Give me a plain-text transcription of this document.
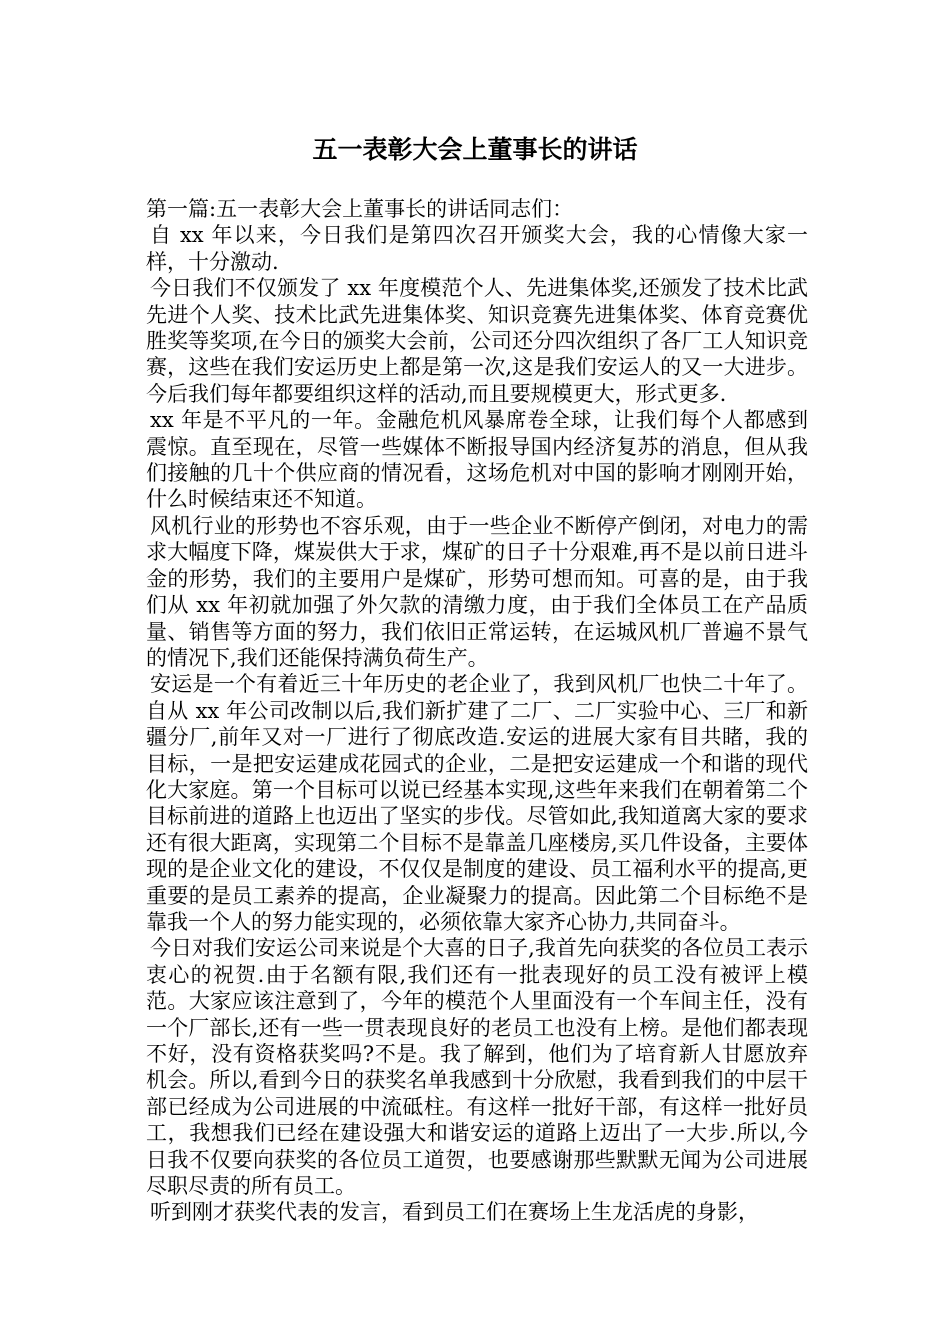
五一表彰大会上董事长的讲话

第一篇:五一表彰大会上董事长的讲话同志们：

自 xx 年以来，今日我们是第四次召开颁奖大会，我的心情像大家一样，十分激动.

今日我们不仅颁发了 xx 年度模范个人、先进集体奖,还颁发了技术比武先进个人奖、技术比武先进集体奖、知识竞赛先进集体奖、体育竞赛优胜奖等奖项,在今日的颁奖大会前，公司还分四次组织了各厂工人知识竞赛，这些在我们安运历史上都是第一次,这是我们安运人的又一大进步。今后我们每年都要组织这样的活动,而且要规模更大，形式更多.

xx 年是不平凡的一年。金融危机风暴席卷全球，让我们每个人都感到震惊。直至现在，尽管一些媒体不断报导国内经济复苏的消息，但从我们接触的几十个供应商的情况看，这场危机对中国的影响才刚刚开始，什么时候结束还不知道。

风机行业的形势也不容乐观，由于一些企业不断停产倒闭，对电力的需求大幅度下降，煤炭供大于求，煤矿的日子十分艰难,再不是以前日进斗金的形势，我们的主要用户是煤矿，形势可想而知。可喜的是，由于我们从 xx 年初就加强了外欠款的清缴力度，由于我们全体员工在产品质量、销售等方面的努力，我们依旧正常运转，在运城风机厂普遍不景气的情况下,我们还能保持满负荷生产。

安运是一个有着近三十年历史的老企业了，我到风机厂也快二十年了。自从 xx 年公司改制以后,我们新扩建了二厂、二厂实验中心、三厂和新疆分厂,前年又对一厂进行了彻底改造.安运的进展大家有目共睹，我的目标，一是把安运建成花园式的企业，二是把安运建成一个和谐的现代化大家庭。第一个目标可以说已经基本实现,这些年来我们在朝着第二个目标前进的道路上也迈出了坚实的步伐。尽管如此,我知道离大家的要求还有很大距离，实现第二个目标不是靠盖几座楼房,买几件设备，主要体现的是企业文化的建设，不仅仅是制度的建设、员工福利水平的提高,更重要的是员工素养的提高，企业凝聚力的提高。因此第二个目标绝不是靠我一个人的努力能实现的，必须依靠大家齐心协力,共同奋斗。

今日对我们安运公司来说是个大喜的日子,我首先向获奖的各位员工表示衷心的祝贺.由于名额有限,我们还有一批表现好的员工没有被评上模范。大家应该注意到了，今年的模范个人里面没有一个车间主任，没有一个厂部长,还有一些一贯表现良好的老员工也没有上榜。是他们都表现不好，没有资格获奖吗?不是。我了解到，他们为了培育新人甘愿放弃机会。所以,看到今日的获奖名单我感到十分欣慰，我看到我们的中层干部已经成为公司进展的中流砥柱。有这样一批好干部，有这样一批好员工，我想我们已经在建设强大和谐安运的道路上迈出了一大步.所以,今日我不仅要向获奖的各位员工道贺，也要感谢那些默默无闻为公司进展尽职尽责的所有员工。

听到刚才获奖代表的发言，看到员工们在赛场上生龙活虎的身影，
